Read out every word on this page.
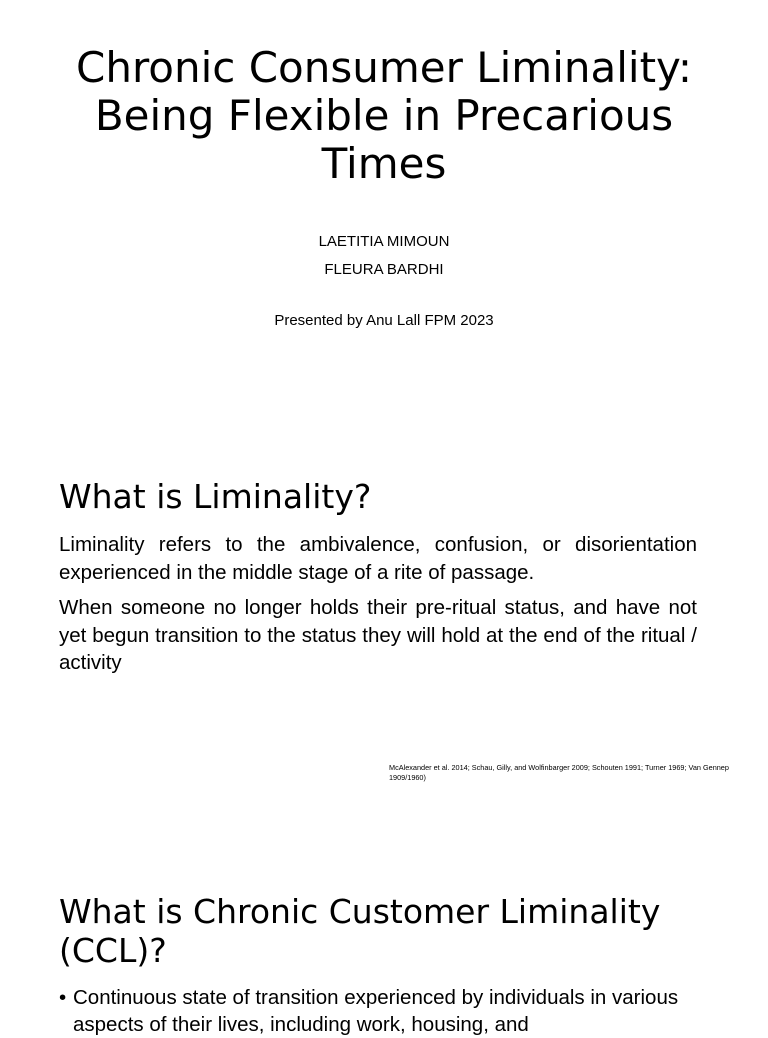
Chronic Consumer Liminality:
Being Flexible in Precarious
Times
LAETITIA MIMOUN
FLEURA BARDHI
Presented by Anu Lall FPM 2023
What is Liminality?

Liminality refers to the ambivalence, confusion, or disorientation experienced in the middle stage of a rite of passage.

When someone no longer holds their pre-ritual status, and have not yet begun transition to the status they will hold at the end of the ritual / activity

McAlexander et al. 2014; Schau, Gilly, and Wolfinbarger 2009; Schouten 1991; Turner 1969; Van Gennep 1909/1960)
What is Chronic Customer Liminality (CCL)?
• Continuous state of transition experienced by individuals in various aspects of their lives, including work, housing, and
